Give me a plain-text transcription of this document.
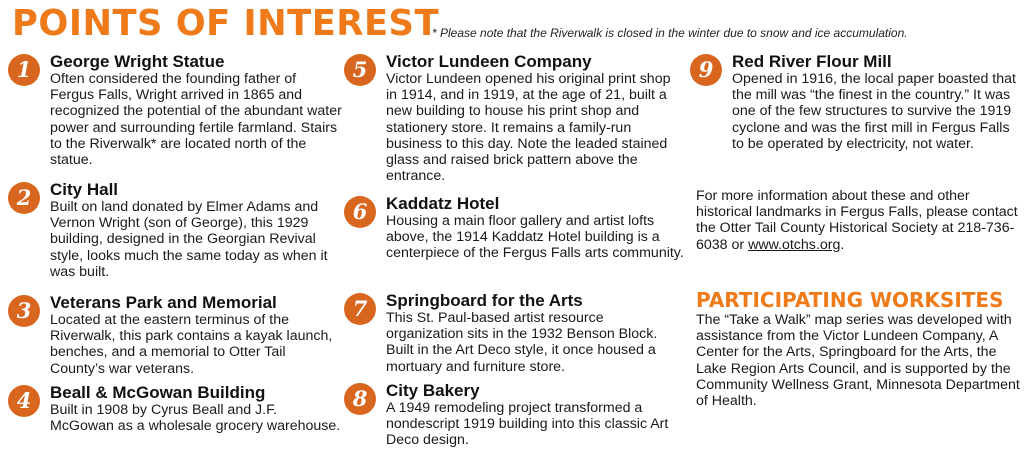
POINTS OF INTEREST
* Please note that the Riverwalk is closed in the winter due to snow and ice accumulation.
1	George Wright Statue

Often considered the founding father of Fergus Falls, Wright arrived in 1865 and recognized the potential of the abundant water power and surrounding fertile farmland. Stairs to the Riverwalk* are located north of the statue.

2	City Hall

Built on land donated by Elmer Adams and Vernon Wright (son of George), this 1929 building, designed in the Georgian Revival style, looks much the same today as when it was built.

3	Veterans Park and Memorial

Located at the eastern terminus of the Riverwalk, this park contains a kayak launch, benches, and a memorial to Otter Tail County’s war veterans.

4	Beall & McGowan Building

Built in 1908 by Cyrus Beall and J.F. McGowan as a wholesale grocery warehouse.

5	Victor Lundeen Company

Victor Lundeen opened his original print shop in 1914, and in 1919, at the age of 21, built a new building to house his print shop and stationery store. It remains a family-run business to this day. Note the leaded stained glass and raised brick pattern above the entrance.

6	Kaddatz Hotel

Housing a main floor gallery and artist lofts above, the 1914 Kaddatz Hotel building is a centerpiece of the Fergus Falls arts community.

7	Springboard for the Arts

This St. Paul-based artist resource organization sits in the 1932 Benson Block. Built in the Art Deco style, it once housed a mortuary and furniture store.

8	City Bakery

A 1949 remodeling project transformed a nondescript 1919 building into this classic Art Deco design.

9	Red River Flour Mill

Opened in 1916, the local paper boasted that the mill was “the finest in the country.” It was one of the few structures to survive the 1919 cyclone and was the first mill in Fergus Falls to be operated by electricity, not water.

For more information about these and other historical landmarks in Fergus Falls, please contact the Otter Tail County Historical Society at 218-736-6038 or www.otchs.org.

PARTICIPATING WORKSITES

The “Take a Walk” map series was developed with assistance from the Victor Lundeen Company, A Center for the Arts, Springboard for the Arts, the Lake Region Arts Council, and is supported by the Community Wellness Grant, Minnesota Department of Health.
